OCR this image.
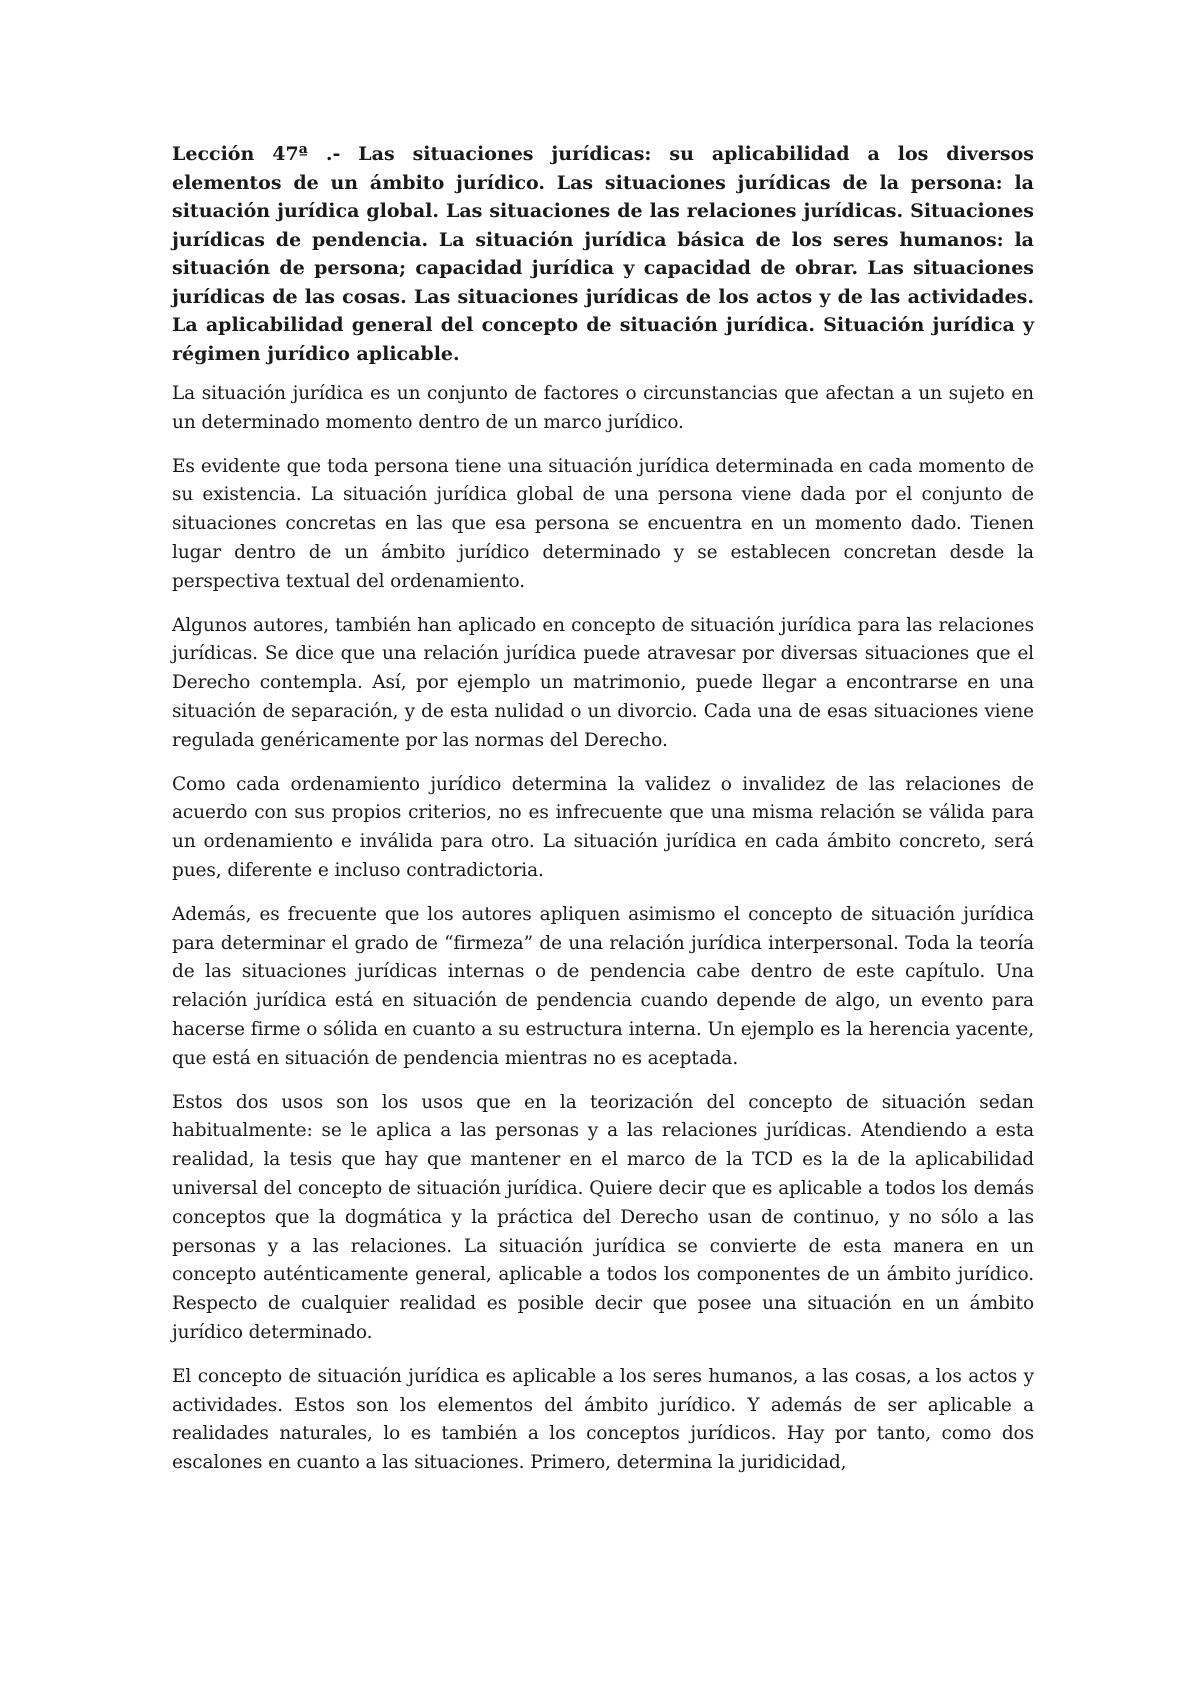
Lección 47ª .- Las situaciones jurídicas: su aplicabilidad a los diversos elementos de un ámbito jurídico. Las situaciones jurídicas de la persona: la situación jurídica global. Las situaciones de las relaciones jurídicas. Situaciones jurídicas de pendencia. La situación jurídica básica de los seres humanos: la situación de persona; capacidad jurídica y capacidad de obrar. Las situaciones jurídicas de las cosas. Las situaciones jurídicas de los actos y de las actividades. La aplicabilidad general del concepto de situación jurídica. Situación jurídica y régimen jurídico aplicable.

La situación jurídica es un conjunto de factores o circunstancias que afectan a un sujeto en un determinado momento dentro de un marco jurídico.

Es evidente que toda persona tiene una situación jurídica determinada en cada momento de su existencia. La situación jurídica global de una persona viene dada por el conjunto de situaciones concretas en las que esa persona se encuentra en un momento dado. Tienen lugar dentro de un ámbito jurídico determinado y se establecen concretan desde la perspectiva textual del ordenamiento.

Algunos autores, también han aplicado en concepto de situación jurídica para las relaciones jurídicas. Se dice que una relación jurídica puede atravesar por diversas situaciones que el Derecho contempla. Así, por ejemplo un matrimonio, puede llegar a encontrarse en una situación de separación, y de esta nulidad o un divorcio. Cada una de esas situaciones viene regulada genéricamente por las normas del Derecho.

Como cada ordenamiento jurídico determina la validez o invalidez de las relaciones de acuerdo con sus propios criterios, no es infrecuente que una misma relación se válida para un ordenamiento e inválida para otro. La situación jurídica en cada ámbito concreto, será pues, diferente e incluso contradictoria.

Además, es frecuente que los autores apliquen asimismo el concepto de situación jurídica para determinar el grado de “firmeza” de una relación jurídica interpersonal. Toda la teoría de las situaciones jurídicas internas o de pendencia cabe dentro de este capítulo. Una relación jurídica está en situación de pendencia cuando depende de algo, un evento para hacerse firme o sólida en cuanto a su estructura interna. Un ejemplo es la herencia yacente, que está en situación de pendencia mientras no es aceptada.

Estos dos usos son los usos que en la teorización del concepto de situación sedan habitualmente: se le aplica a las personas y a las relaciones jurídicas. Atendiendo a esta realidad, la tesis que hay que mantener en el marco de la TCD es la de la aplicabilidad universal del concepto de situación jurídica. Quiere decir que es aplicable a todos los demás conceptos que la dogmática y la práctica del Derecho usan de continuo, y no sólo a las personas y a las relaciones. La situación jurídica se convierte de esta manera en un concepto auténticamente general, aplicable a todos los componentes de un ámbito jurídico. Respecto de cualquier realidad es posible decir que posee una situación en un ámbito jurídico determinado.

El concepto de situación jurídica es aplicable a los seres humanos, a las cosas, a los actos y actividades. Estos son los elementos del ámbito jurídico. Y además de ser aplicable a realidades naturales, lo es también a los conceptos jurídicos. Hay por tanto, como dos escalones en cuanto a las situaciones. Primero, determina la juridicidad,
